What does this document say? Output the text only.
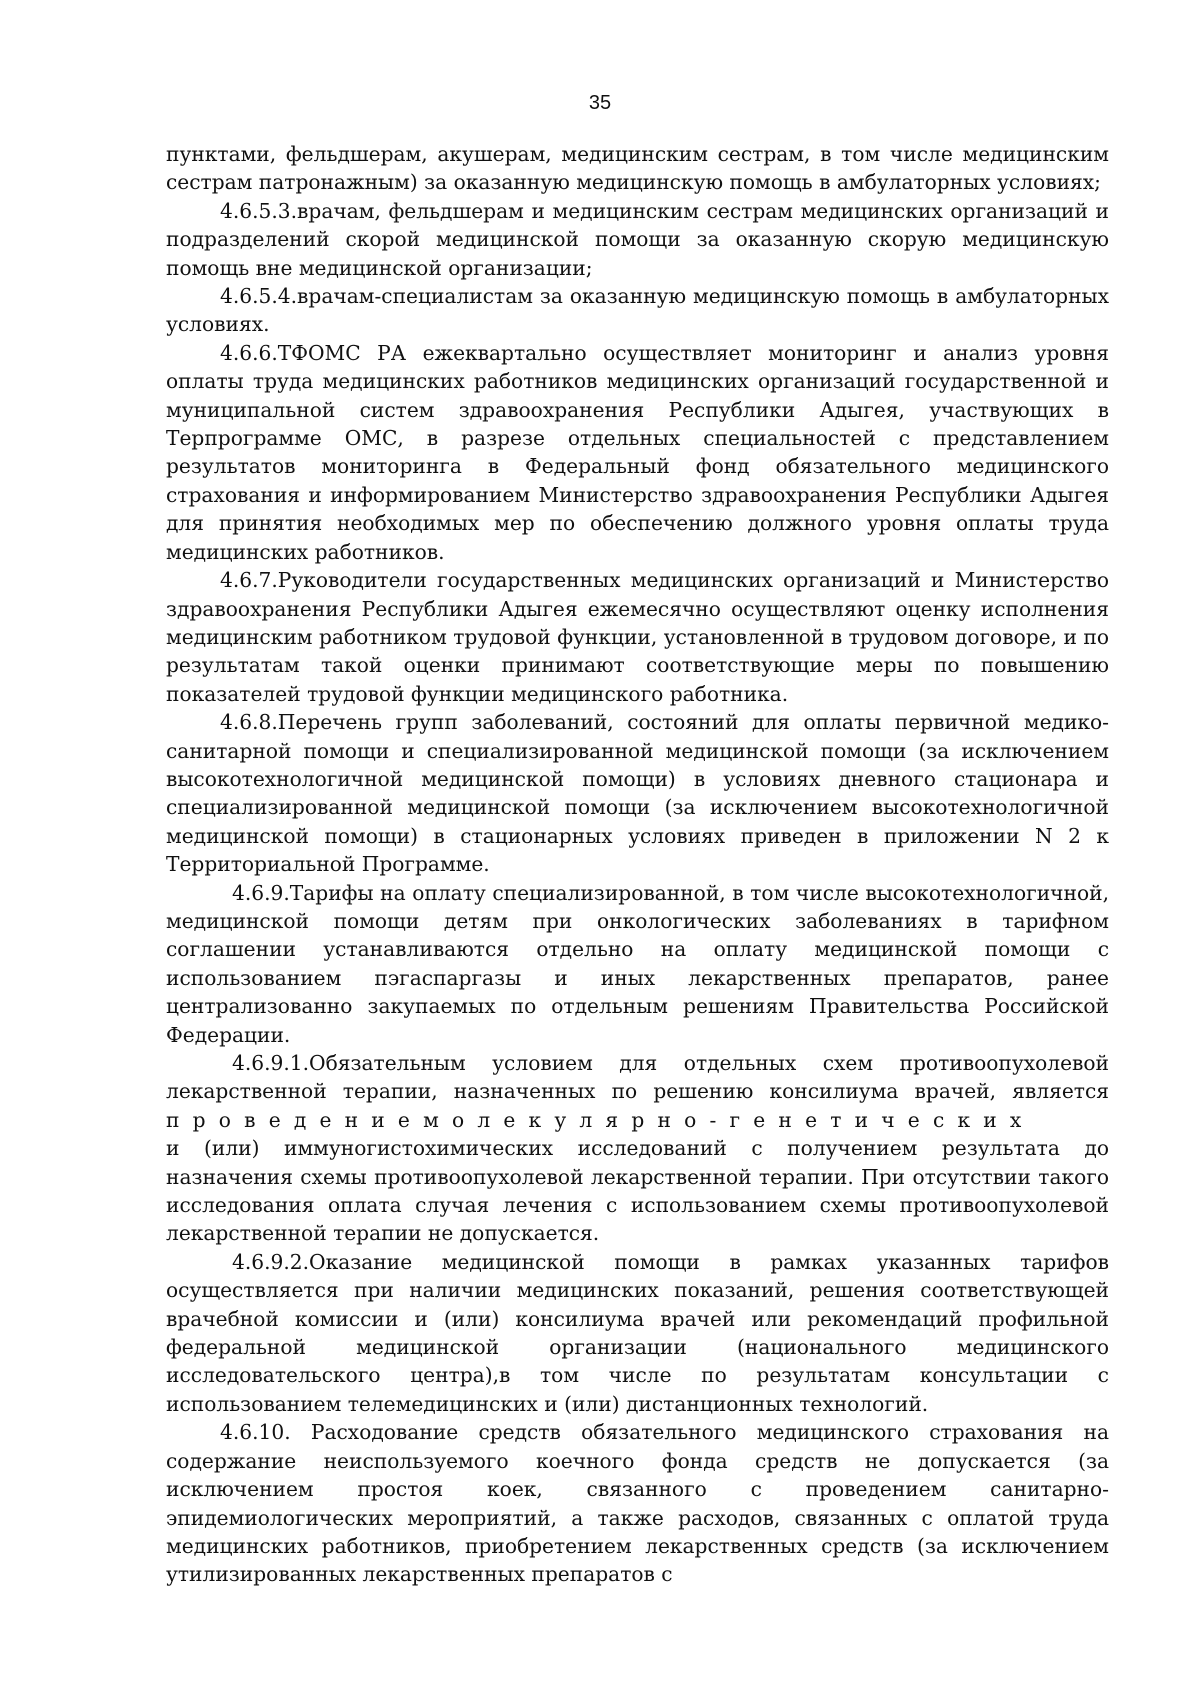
35

пунктами, фельдшерам, акушерам, медицинским сестрам, в том числе медицинским сестрам патронажным) за оказанную медицинскую помощь в амбулаторных условиях;

4.6.5.3.врачам, фельдшерам и медицинским сестрам медицинских организаций и подразделений скорой медицинской помощи за оказанную скорую медицинскую помощь вне медицинской организации;

4.6.5.4.врачам-специалистам за оказанную медицинскую помощь в амбулаторных условиях.

4.6.6.ТФОМС РА ежеквартально осуществляет мониторинг и анализ уровня оплаты труда медицинских работников медицинских организаций государственной и муниципальной систем здравоохранения Республики Адыгея, участвующих в Терпрограмме ОМС, в разрезе отдельных специальностей с представлением результатов мониторинга в Федеральный фонд обязательного медицинского страхования и информированием Министерство здравоохранения Республики Адыгея для принятия необходимых мер по обеспечению должного уровня оплаты труда медицинских работников.

4.6.7.Руководители государственных медицинских организаций и Министерство здравоохранения Республики Адыгея ежемесячно осуществляют оценку исполнения медицинским работником трудовой функции, установленной в трудовом договоре, и по результатам такой оценки принимают соответствующие меры по повышению показателей трудовой функции медицинского работника.

4.6.8.Перечень групп заболеваний, состояний для оплаты первичной медико-санитарной помощи и специализированной медицинской помощи (за исключением высокотехнологичной медицинской помощи) в условиях дневного стационара и специализированной медицинской помощи (за исключением высокотехнологичной медицинской помощи) в стационарных условиях приведен в приложении N 2 к Территориальной Программе.

4.6.9.Тарифы на оплату специализированной, в том числе высокотехнологичной, медицинской помощи детям при онкологических заболеваниях в тарифном соглашении устанавливаются отдельно на оплату медицинской помощи с использованием пэгаспаргазы и иных лекарственных препаратов, ранее централизованно закупаемых по отдельным решениям Правительства Российской Федерации.

4.6.9.1.Обязательным условием для отдельных схем противоопухолевой лекарственной терапии, назначенных по решению консилиума врачей, является

проведениемолекулярно-генетических

и (или) иммуногистохимических исследований с получением результата до назначения схемы противоопухолевой лекарственной терапии. При отсутствии такого исследования оплата случая лечения с использованием схемы противоопухолевой лекарственной терапии не допускается.

4.6.9.2.Оказание медицинской помощи в рамках указанных тарифов осуществляется при наличии медицинских показаний, решения соответствующей врачебной комиссии и (или) консилиума врачей или рекомендаций профильной федеральной медицинской организации (национального медицинского исследовательского центра),в том числе по результатам консультации с использованием телемедицинских и (или) дистанционных технологий.

4.6.10. Расходование средств обязательного медицинского страхования на содержание неиспользуемого коечного фонда средств не допускается (за исключением простоя коек, связанного с проведением санитарно-эпидемиологических мероприятий, а также расходов, связанных с оплатой труда медицинских работников, приобретением лекарственных средств (за исключением утилизированных лекарственных препаратов с
